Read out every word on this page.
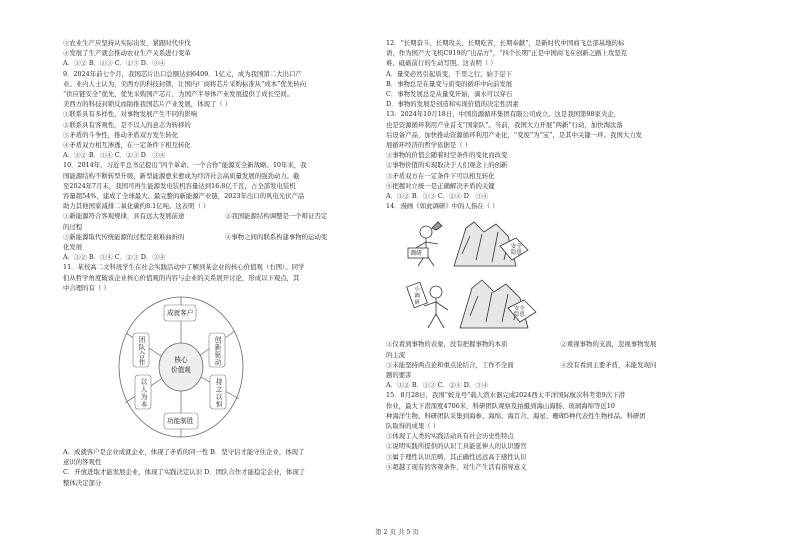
③农业生产应坚持从实际出发，紧跟时代步伐

④发展了生产就会推动农业生产关系进行变革

A．①② B．①③ C．②③ D．③④

9．2024年前七个月，我国芯片出口总额达到6409．1亿元，成为我国第二大出口产

业。业内人士认为，美西方的科技封锁，让国内厂商将芯片采购标准从“成本”优先转向

“供应链安全”优先，优先采购国产芯片，为国产半导体产业发展提供了成长空间。

美西方的科技封锁反而助推我国芯片产业发展，体现了（ ）

①联系具有多样性，对事物发展产生不同的影响

②联系具有客观性，是不以人的意志为转移的

③矛盾的斗争性，推动矛盾双方发生转化

④矛盾双方相互渗透，在一定条件下相互转化

A．①② B．①④ C．②③ D．③④

10．2014年，习近平总书记提出“四个革命、一个合作”能源安全新战略。10年来，我

国能源结构不断转型升级，新型能源愈来愈成为经济社会高质量发展的强劲动力。截

至2024年7月末，我国可再生能源发电装机容量达到16.8亿千瓦，占全部发电装机

容量超54%，建成了全球最大、最完整的新能源产业链，2023年出口的风电光伏产品

助力其他国家减排二氧化碳约8.1亿吨。这表明（ ）

①新能源符合客观规律，具有远大发展前途	②我国能源结构调整是一个辩证否定

的过程

③新能源取代传统能源的过程是艰难曲折的	④事物之间的联系构建事物的运动变

化发展

A．①② B．①④ C．②③ D．③④

11．某校高二文科班学生在社会实践活动中了解到某企业的核心价值观（右图）。同学

们从哲学角度破该企业核心价值观的内容与企业的关系展开讨论，形成以下观点，其

中合理的有（ ）

核心
价值观
成就客户
创新驱动
持之以恒
功能制胜
以人为本
团队合作

A．成就客户是企业成就企业，体现了矛盾的同一性 B．坚守信才能守住企业，体现了

意识的客观性

C．开放进取才能发展企业，体现了实践决定认识 D．团队合作才能稳定企业，体现了

整体决定部分

12．“长期奋斗、长期攻关、长期吃苦、长期奉献”，是新时代中国商飞总部基地的标

语，作为国产大飞机C919的“出品方”，“四个长期”正是中国商飞在创新之路上攻坚克

难、砥砺前行的生动写照。这表明（ ）

A．量变必然引起质变，千里之行，始于足下

B．事物总是在量变与质变的循环中向前发展

C．事物发展总是从量变开始，滴水可以穿石

D．事物的发展是创造和实现价值的决定性因素

13．2024年10月18日，中国资源循环集团有限公司成立。这是我国第98家央企，

也是资源循环利用产业首支“国家队”。当前，我国大力开展“两新”行动，加快淘汰落

后设备产品，加快推动资源循环利用产业化，“变废”为“宝”，是其中关键一环。我国大力发

展循环经济的哲学依据是（ ）

①事物的价值会随着时空条件的变化而改变

②事物价值的实现取决于人们观念上的创新

③矛盾双方在一定条件下可以相互转化

④把握对立统一是正确解决矛盾的关键

A．①② B．①③ C．②④ D．③④

14．漫画《如此调研》中的人指在（ ）

调研
安全隐患
小调研
安全隐患
①仅看到事物的表象，没有把握事物的本质	②重视事物的支流，忽视事物发展

的主流

③未能坚持两点论和重点论结合，工作不全面	④没有看到主要矛盾，未能发现问

题的要害

A．①② B．①③ C．②④ D．③④

15．8月28日，我国“蛟龙号”载人潜水器完成2024西太平洋国际航次科考第9次下潜

作业，最大下潜深度4706米，科研团队观察及拍摄到海山海肠、玻璃海绵等近10

种海洋生物。科研团队采集到海参、海绵、海百合、海星、珊瑚5种代表性生物样品。科研团

队取得的成果（ ）

①体现了人类的实践活动具有社会历史性特点

②说明实践所提供的认识工具能延伸人的认识器官

③属于理性认识范畴，其正确性远远高于感性认识

④超越了现有的客观条件，对生产生活有指导意义

第 2 页 共 5 页
